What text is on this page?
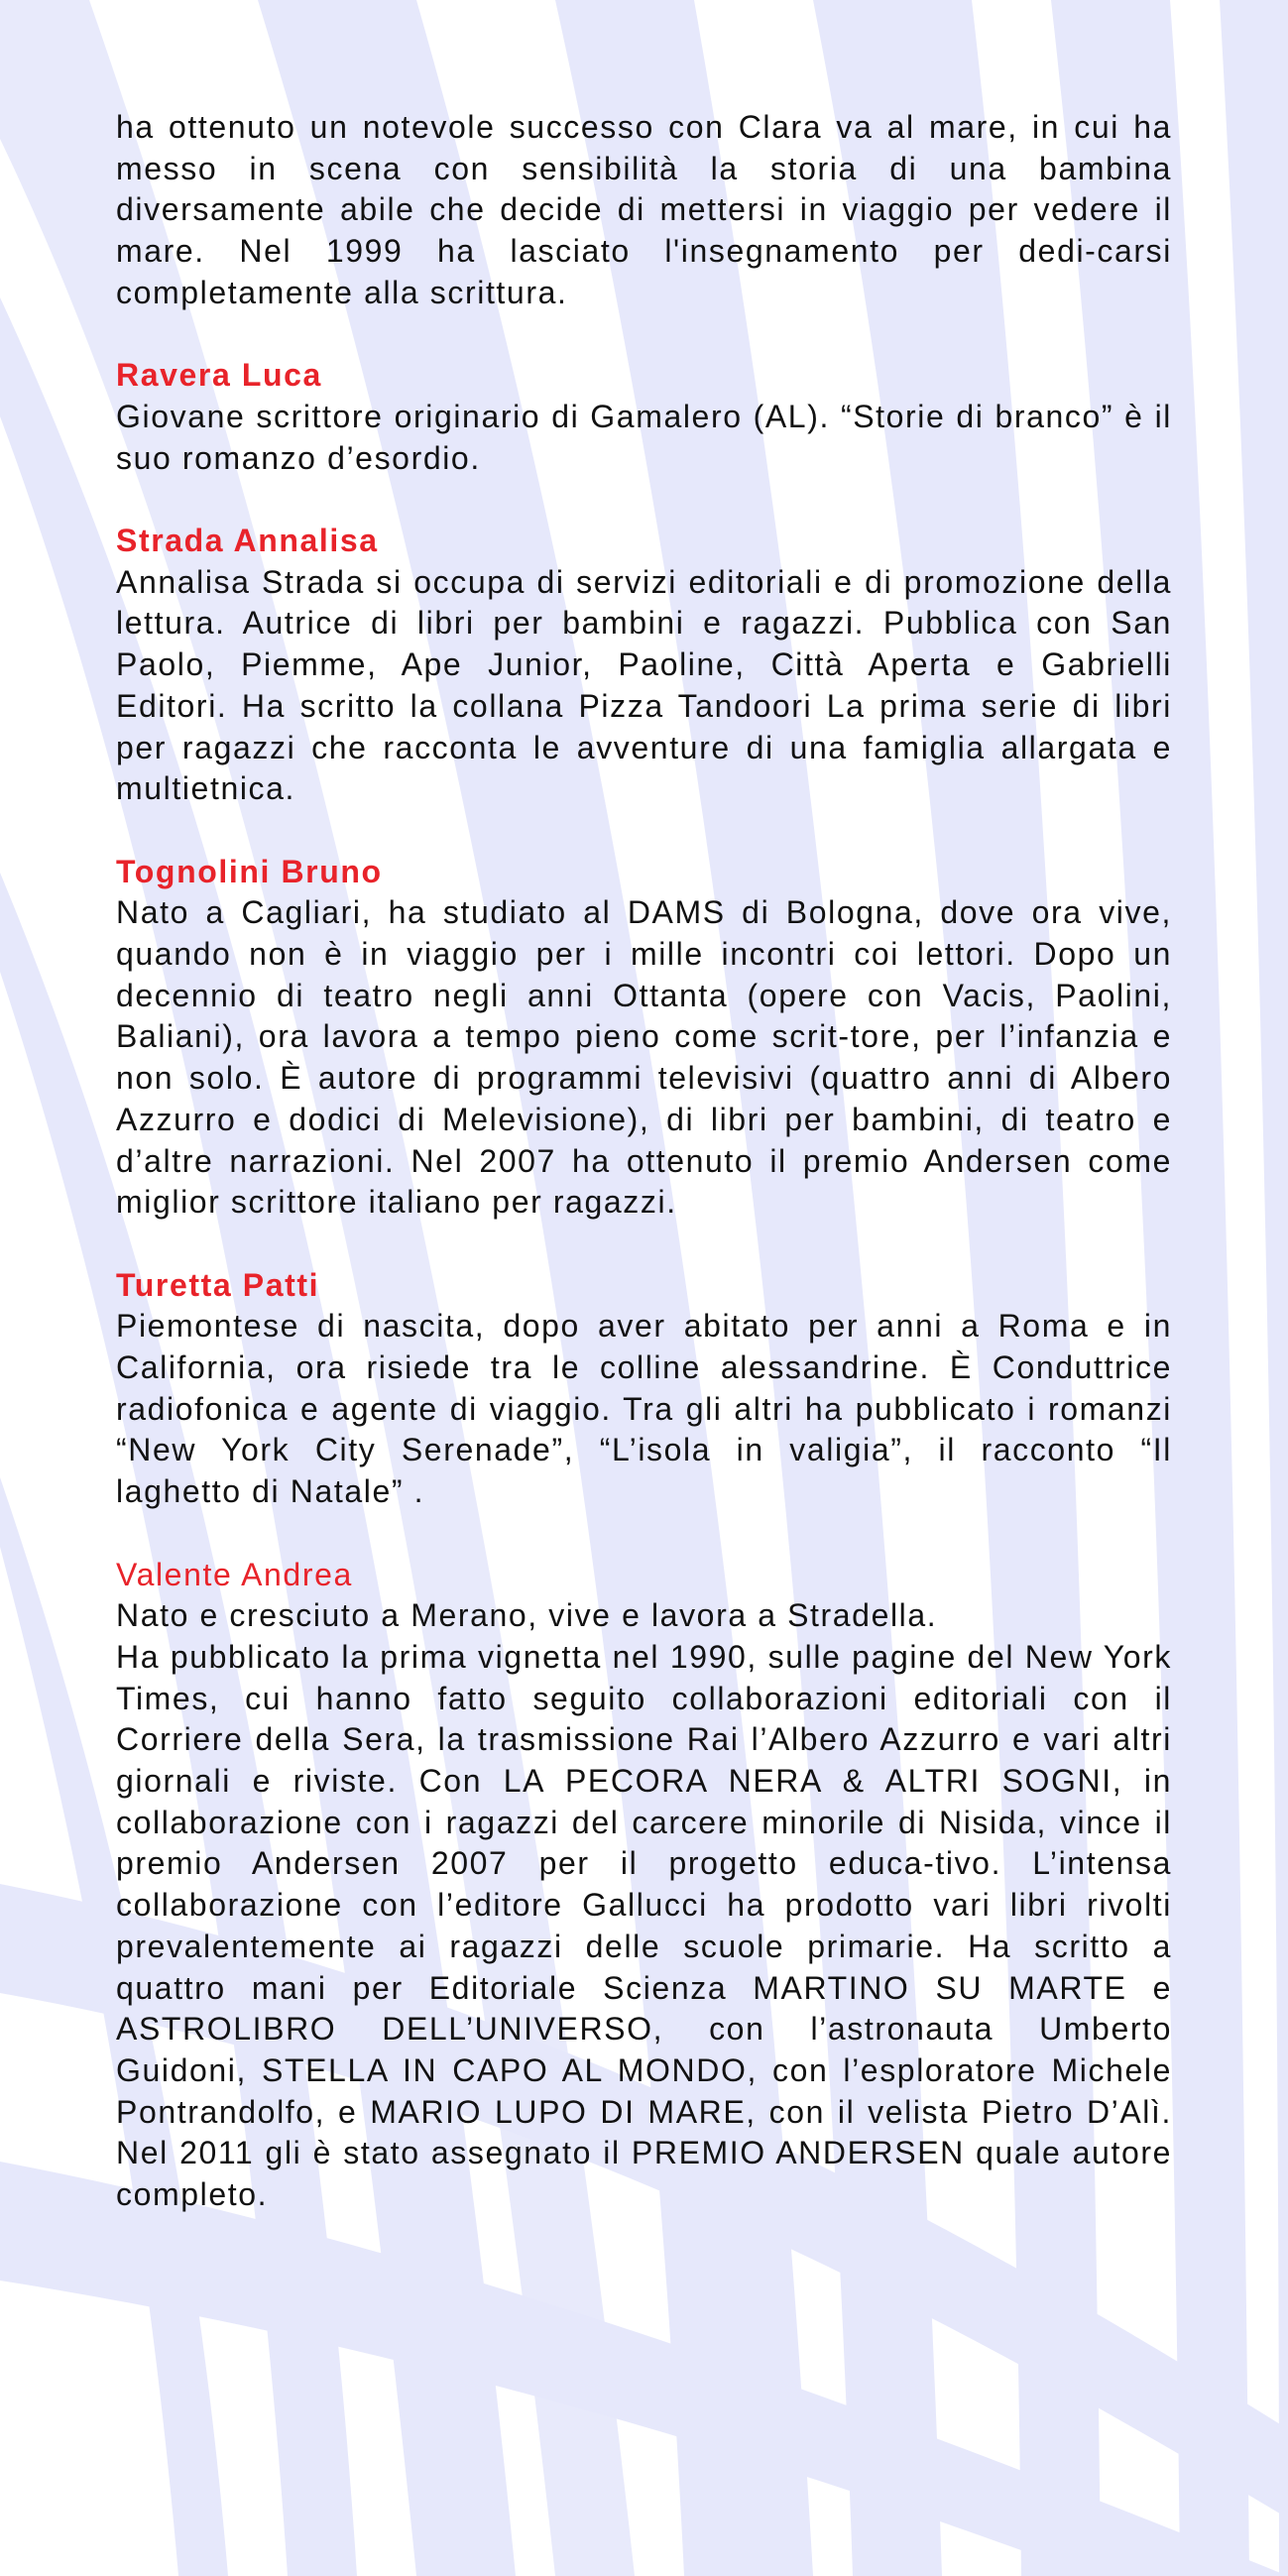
ha ottenuto un notevole successo con Clara va al mare, in cui ha messo in scena con sensibilità la storia di una bambina diversamente abile che decide di mettersi in viaggio per vedere il mare. Nel 1999 ha lasciato l'insegnamento per dedi-carsi completamente alla scrittura.

Ravera Luca

Giovane scrittore originario di Gamalero (AL). “Storie di branco” è il suo romanzo d’esordio.

Strada Annalisa

Annalisa Strada si occupa di servizi editoriali e di promozione della lettura. Autrice di libri per bambini e ragazzi. Pubblica con San Paolo, Piemme, Ape Junior, Paoline, Città Aperta e Gabrielli Editori. Ha scritto la collana Pizza Tandoori La prima serie di libri per ragazzi che racconta le avventure di una famiglia allargata e multietnica.

Tognolini Bruno

Nato a Cagliari, ha studiato al DAMS di Bologna, dove ora vive, quando non è in viaggio per i mille incontri coi lettori. Dopo un decennio di teatro negli anni Ottanta (opere con Vacis, Paolini, Baliani), ora lavora a tempo pieno come scrit-tore, per l’infanzia e non solo. È autore di programmi televisivi (quattro anni di Albero Azzurro e dodici di Melevisione), di libri per bambini, di teatro e d’altre narrazioni. Nel 2007 ha ottenuto il premio Andersen come miglior scrittore italiano per ragazzi.

Turetta Patti

Piemontese di nascita, dopo aver abitato per anni a Roma e in California, ora risiede tra le colline alessandrine. È Conduttrice radiofonica e agente di viaggio. Tra gli altri ha pubblicato i romanzi “New York City Serenade”, “L’isola in valigia”, il racconto “Il laghetto di Natale” .

Valente Andrea

Nato e cresciuto a Merano, vive e lavora a Stradella.

Ha pubblicato la prima vignetta nel 1990, sulle pagine del New York Times, cui hanno fatto seguito collaborazioni editoriali con il Corriere della Sera, la trasmissione Rai l’Albero Azzurro e vari altri giornali e riviste. Con LA PECORA NERA & ALTRI SOGNI, in collaborazione con i ragazzi del carcere minorile di Nisida, vince il premio Andersen 2007 per il progetto educa-tivo. L’intensa collaborazione con l’editore Gallucci ha prodotto vari libri rivolti prevalentemente ai ragazzi delle scuole primarie. Ha scritto a quattro mani per Editoriale Scienza MARTINO SU MARTE e ASTROLIBRO DELL’UNIVERSO, con l’astronauta Umberto Guidoni, STELLA IN CAPO AL MONDO, con l’esploratore Michele Pontrandolfo, e MARIO LUPO DI MARE, con il velista Pietro D’Alì. Nel 2011 gli è stato assegnato il PREMIO ANDERSEN quale autore completo.
